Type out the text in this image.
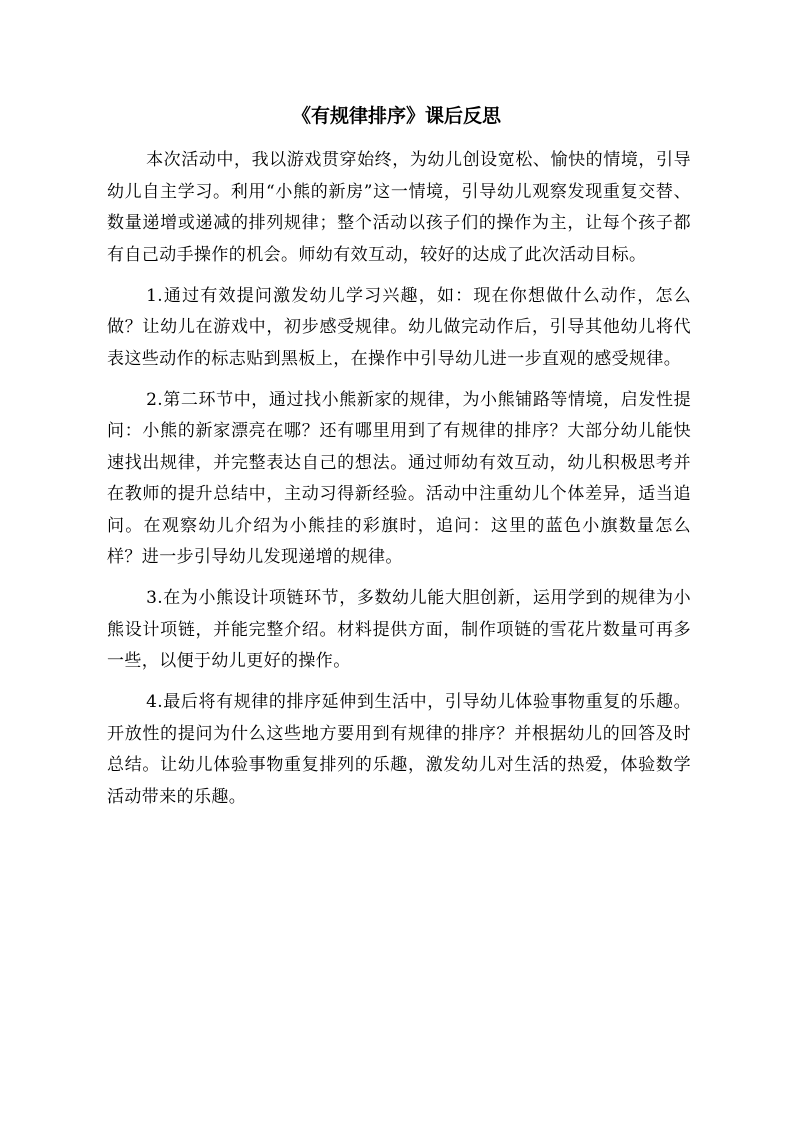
《有规律排序》课后反思

本次活动中，我以游戏贯穿始终，为幼儿创设宽松、愉快的情境，引导幼儿自主学习。利用“小熊的新房”这一情境，引导幼儿观察发现重复交替、数量递增或递减的排列规律；整个活动以孩子们的操作为主，让每个孩子都有自己动手操作的机会。师幼有效互动，较好的达成了此次活动目标。

1.通过有效提问激发幼儿学习兴趣，如：现在你想做什么动作，怎么做？让幼儿在游戏中，初步感受规律。幼儿做完动作后，引导其他幼儿将代表这些动作的标志贴到黑板上，在操作中引导幼儿进一步直观的感受规律。

2.第二环节中，通过找小熊新家的规律，为小熊铺路等情境，启发性提问：小熊的新家漂亮在哪？还有哪里用到了有规律的排序？大部分幼儿能快速找出规律，并完整表达自己的想法。通过师幼有效互动，幼儿积极思考并在教师的提升总结中，主动习得新经验。活动中注重幼儿个体差异，适当追问。在观察幼儿介绍为小熊挂的彩旗时，追问：这里的蓝色小旗数量怎么样？进一步引导幼儿发现递增的规律。

3.在为小熊设计项链环节，多数幼儿能大胆创新，运用学到的规律为小熊设计项链，并能完整介绍。材料提供方面，制作项链的雪花片数量可再多一些，以便于幼儿更好的操作。

4.最后将有规律的排序延伸到生活中，引导幼儿体验事物重复的乐趣。开放性的提问为什么这些地方要用到有规律的排序？并根据幼儿的回答及时总结。让幼儿体验事物重复排列的乐趣，激发幼儿对生活的热爱，体验数学活动带来的乐趣。
